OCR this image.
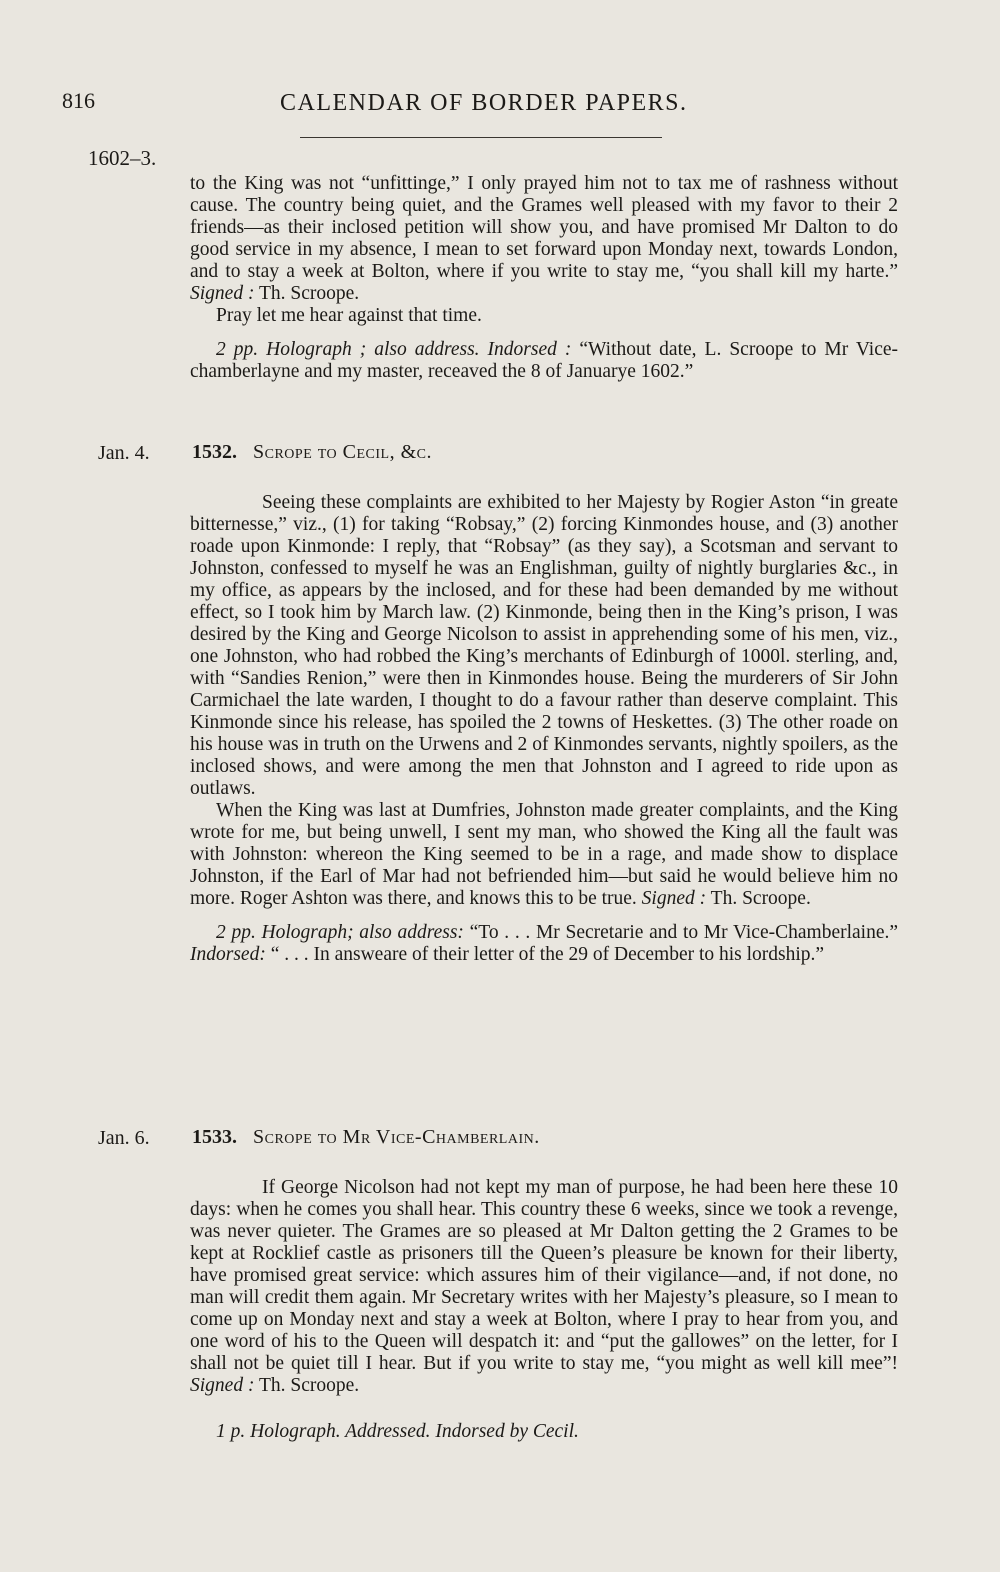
816	CALENDAR OF BORDER PAPERS.
1602–3.

to the King was not “unfittinge,” I only prayed him not to tax me of rashness without cause. The country being quiet, and the Grames well pleased with my favor to their 2 friends—as their inclosed petition will show you, and have promised Mr Dalton to do good service in my absence, I mean to set forward upon Monday next, towards London, and to stay a week at Bolton, where if you write to stay me, “you shall kill my harte.” Signed : Th. Scroope.

Pray let me hear against that time.

2 pp. Holograph ; also address. Indorsed : “Without date, L. Scroope to Mr Vice-chamberlayne and my master, receaved the 8 of Januarye 1602.”

Jan. 4. 1532. Scrope to Cecil, &c.

Seeing these complaints are exhibited to her Majesty by Rogier Aston “in greate bitternesse,” viz., (1) for taking “Robsay,” (2) forcing Kinmondes house, and (3) another roade upon Kinmonde: I reply, that “Robsay” (as they say), a Scotsman and servant to Johnston, confessed to myself he was an Englishman, guilty of nightly burglaries &c., in my office, as appears by the inclosed, and for these had been demanded by me without effect, so I took him by March law. (2) Kinmonde, being then in the King’s prison, I was desired by the King and George Nicolson to assist in apprehending some of his men, viz., one Johnston, who had robbed the King’s merchants of Edinburgh of 1000l. sterling, and, with “Sandies Renion,” were then in Kinmondes house. Being the murderers of Sir John Carmichael the late warden, I thought to do a favour rather than deserve complaint. This Kinmonde since his release, has spoiled the 2 towns of Heskettes. (3) The other roade on his house was in truth on the Urwens and 2 of Kinmondes servants, nightly spoilers, as the inclosed shows, and were among the men that Johnston and I agreed to ride upon as outlaws.

When the King was last at Dumfries, Johnston made greater complaints, and the King wrote for me, but being unwell, I sent my man, who showed the King all the fault was with Johnston: whereon the King seemed to be in a rage, and made show to displace Johnston, if the Earl of Mar had not befriended him—but said he would believe him no more. Roger Ashton was there, and knows this to be true. Signed : Th. Scroope.

2 pp. Holograph; also address: “To . . . Mr Secretarie and to Mr Vice-Chamberlaine.” Indorsed: “ . . . In answeare of their letter of the 29 of December to his lordship.”

Jan. 6. 1533. Scrope to Mr Vice-Chamberlain.

If George Nicolson had not kept my man of purpose, he had been here these 10 days: when he comes you shall hear. This country these 6 weeks, since we took a revenge, was never quieter. The Grames are so pleased at Mr Dalton getting the 2 Grames to be kept at Rocklief castle as prisoners till the Queen’s pleasure be known for their liberty, have promised great service: which assures him of their vigilance—and, if not done, no man will credit them again. Mr Secretary writes with her Majesty’s pleasure, so I mean to come up on Monday next and stay a week at Bolton, where I pray to hear from you, and one word of his to the Queen will despatch it: and “put the gallowes” on the letter, for I shall not be quiet till I hear. But if you write to stay me, “you might as well kill mee”! Signed : Th. Scroope.

1 p. Holograph. Addressed. Indorsed by Cecil.
